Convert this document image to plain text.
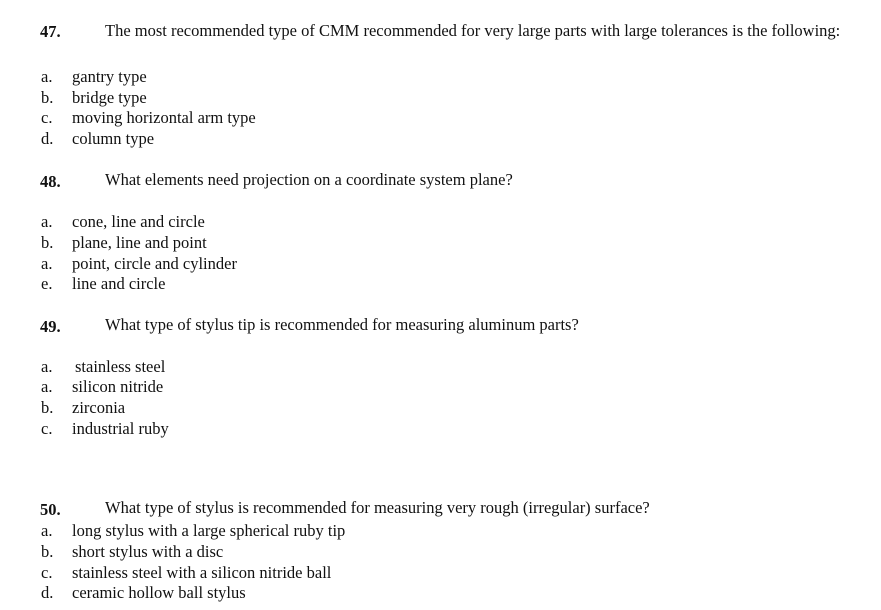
47.	The most recommended type of CMM recommended for very large parts with large tolerances is the following:
a. gantry type
b. bridge type
c. moving horizontal arm type
d. column type
48.	What elements need projection on a coordinate system plane?
a. cone, line and circle
b. plane, line and point
a. point, circle and cylinder
e. line and circle
49.	What type of stylus tip is recommended for measuring aluminum parts?
a. stainless steel
a. silicon nitride
b. zirconia
c. industrial ruby
50.	What type of stylus is recommended for measuring very rough (irregular) surface?
a. long stylus with a large spherical ruby tip
b. short stylus with a disc
c. stainless steel with a silicon nitride ball
d. ceramic hollow ball stylus
